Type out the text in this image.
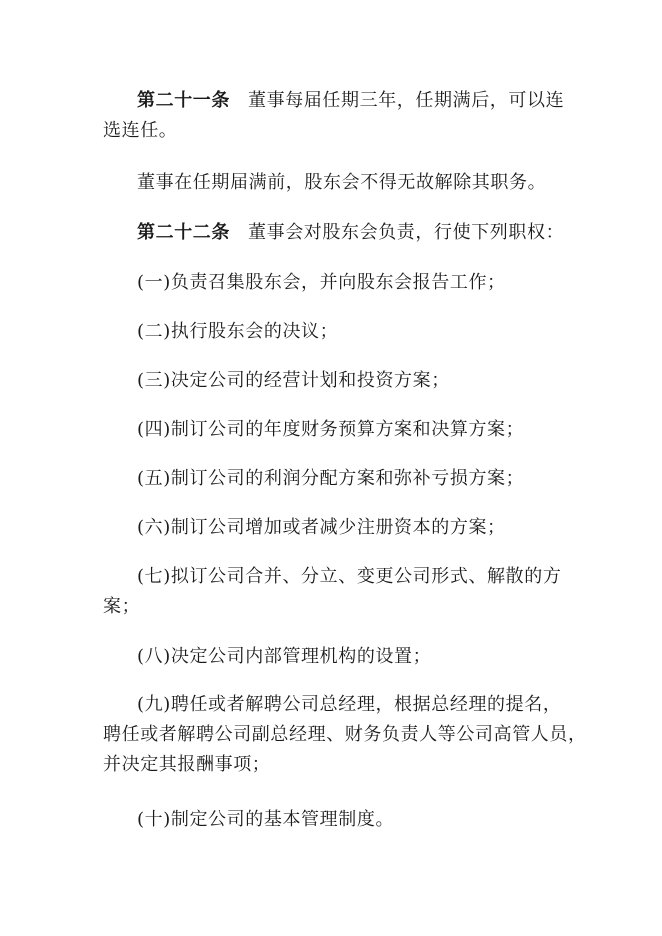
第二十一条 董事每届任期三年，任期满后，可以连
选连任。
董事在任期届满前，股东会不得无故解除其职务。
第二十二条 董事会对股东会负责，行使下列职权：
(一)负责召集股东会，并向股东会报告工作；
(二)执行股东会的决议；
(三)决定公司的经营计划和投资方案；
(四)制订公司的年度财务预算方案和决算方案；
(五)制订公司的利润分配方案和弥补亏损方案；
(六)制订公司增加或者减少注册资本的方案；
(七)拟订公司合并、分立、变更公司形式、解散的方
案；
(八)决定公司内部管理机构的设置；
(九)聘任或者解聘公司总经理，根据总经理的提名，
聘任或者解聘公司副总经理、财务负责人等公司高管人员，
并决定其报酬事项；
(十)制定公司的基本管理制度。
